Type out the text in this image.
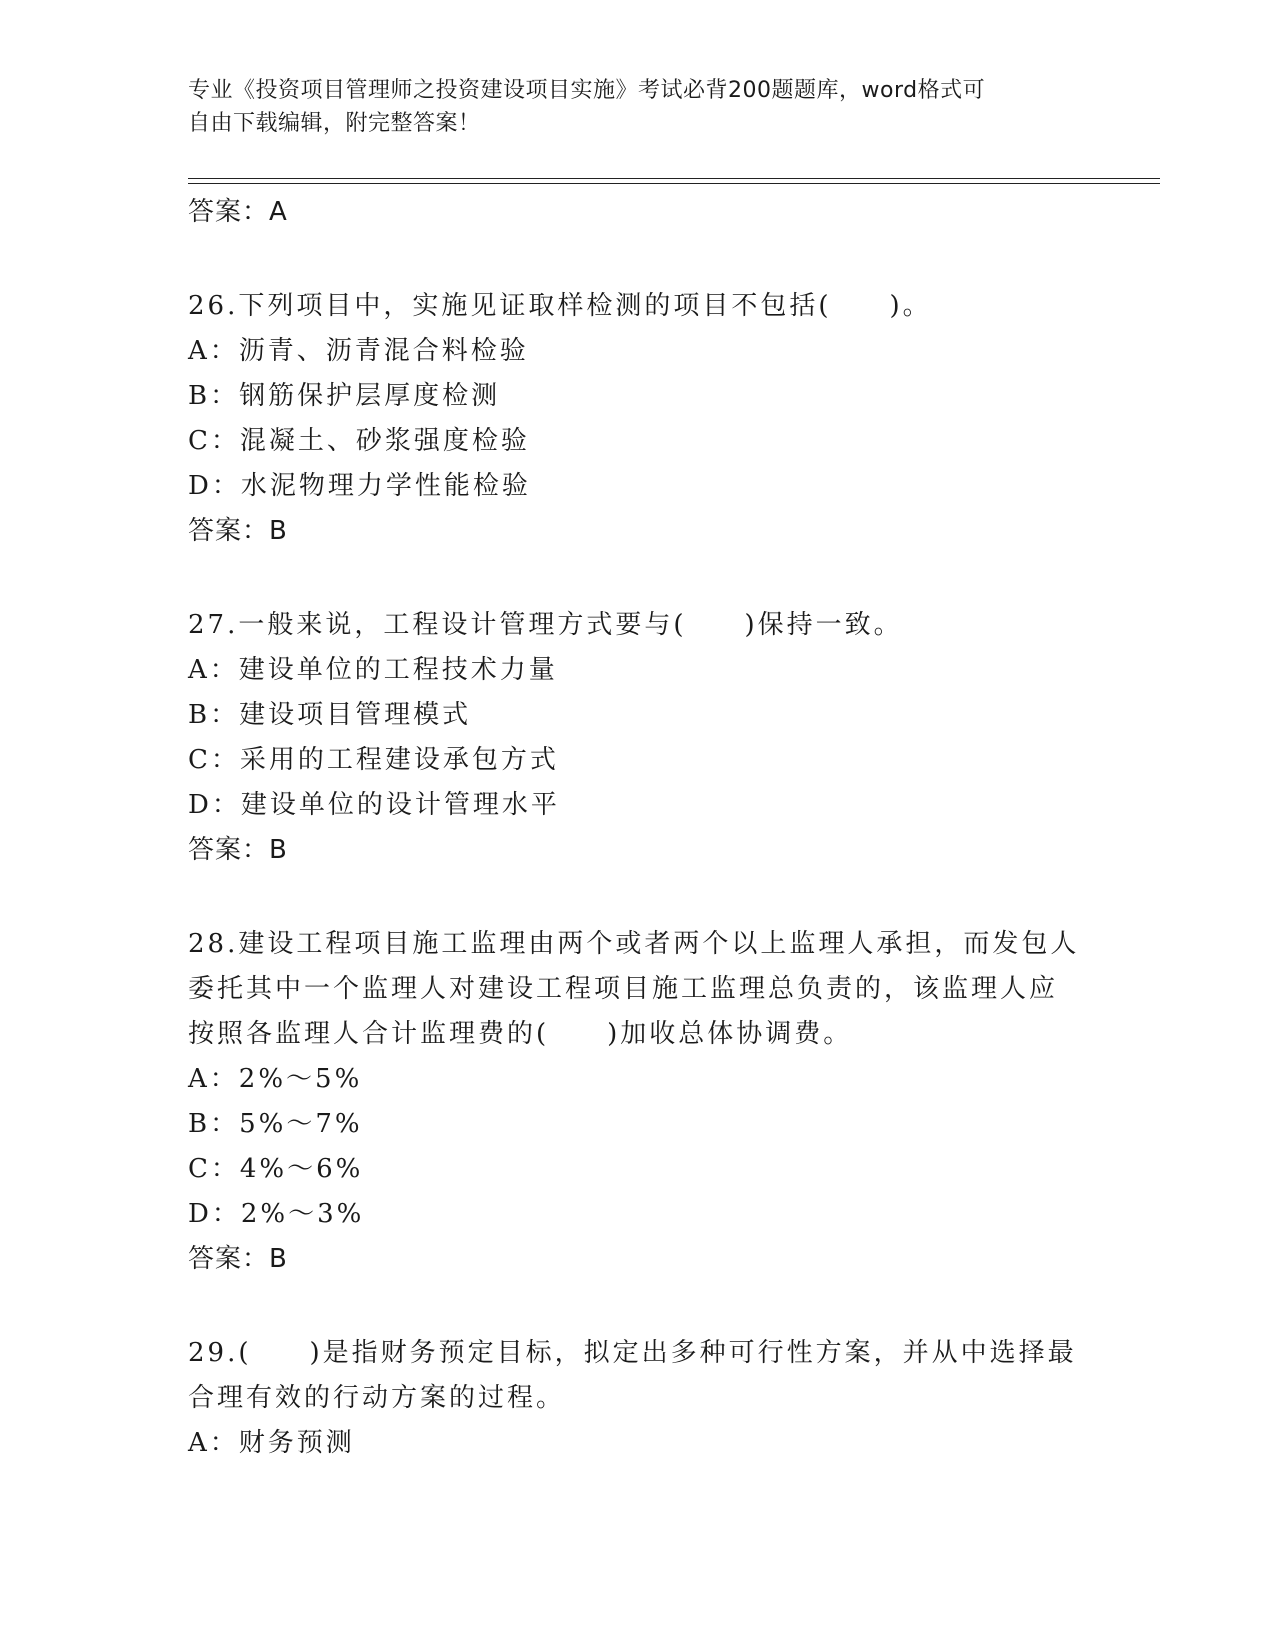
专业《投资项目管理师之投资建设项目实施》考试必背200题题库，word格式可
自由下载编辑，附完整答案！
答案：A
26.下列项目中，实施见证取样检测的项目不包括(　　)。
A：沥青、沥青混合料检验
B：钢筋保护层厚度检测
C：混凝土、砂浆强度检验
D：水泥物理力学性能检验
答案：B
27.一般来说，工程设计管理方式要与(　　)保持一致。
A：建设单位的工程技术力量
B：建设项目管理模式
C：采用的工程建设承包方式
D：建设单位的设计管理水平
答案：B
28.建设工程项目施工监理由两个或者两个以上监理人承担，而发包人
委托其中一个监理人对建设工程项目施工监理总负责的，该监理人应
按照各监理人合计监理费的(　　)加收总体协调费。
A：2%～5%
B：5%～7%
C：4%～6%
D：2%～3%
答案：B
29.(　　)是指财务预定目标，拟定出多种可行性方案，并从中选择最
合理有效的行动方案的过程。
A：财务预测
